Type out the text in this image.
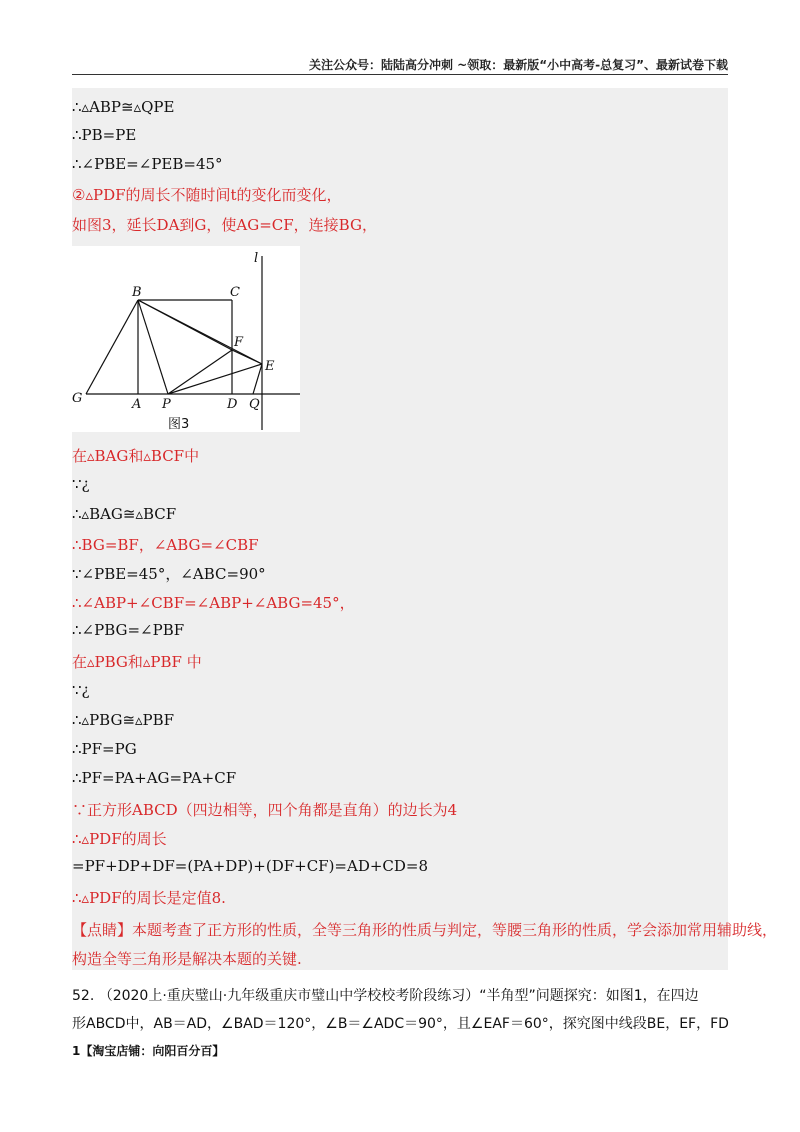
关注公众号：陆陆高分冲刺 ~领取：最新版“小中高考-总复习”、最新试卷下载
∴▵ABP≅▵QPE
∴PB=PE
∴∠PBE=∠PEB=45°
②▵PDF的周长不随时间t的变化而变化，
如图3，延长DA到G，使AG=CF，连接BG，
在▵BAG和▵BCF中
∵¿
∴▵BAG≅▵BCF
∴BG=BF，∠ABG=∠CBF
∵∠PBE=45°，∠ABC=90°
∴∠ABP+∠CBF=∠ABP+∠ABG=45°，
∴∠PBG=∠PBF
在▵PBG和▵PBF 中
∵¿
∴▵PBG≅▵PBF
∴PF=PG
∴PF=PA+AG=PA+CF
∵正方形ABCD（四边相等，四个角都是直角）的边长为4
∴▵PDF的周长
=PF+DP+DF=(PA+DP)+(DF+CF)=AD+CD=8
∴▵PDF的周长是定值8.
【点睛】本题考查了正方形的性质，全等三角形的性质与判定，等腰三角形的性质，学会添加常用辅助线，
构造全等三角形是解决本题的关键.
B	C
F
E
G	A P	D Q
l
图3
52. （2020上·重庆璧山·九年级重庆市璧山中学校校考阶段练习）“半角型”问题探究：如图1，在四边
形ABCD中，AB＝AD，∠BAD＝120°，∠B＝∠ADC＝90°，且∠EAF＝60°，探究图中线段BE，EF，FD
1【淘宝店铺：向阳百分百】
